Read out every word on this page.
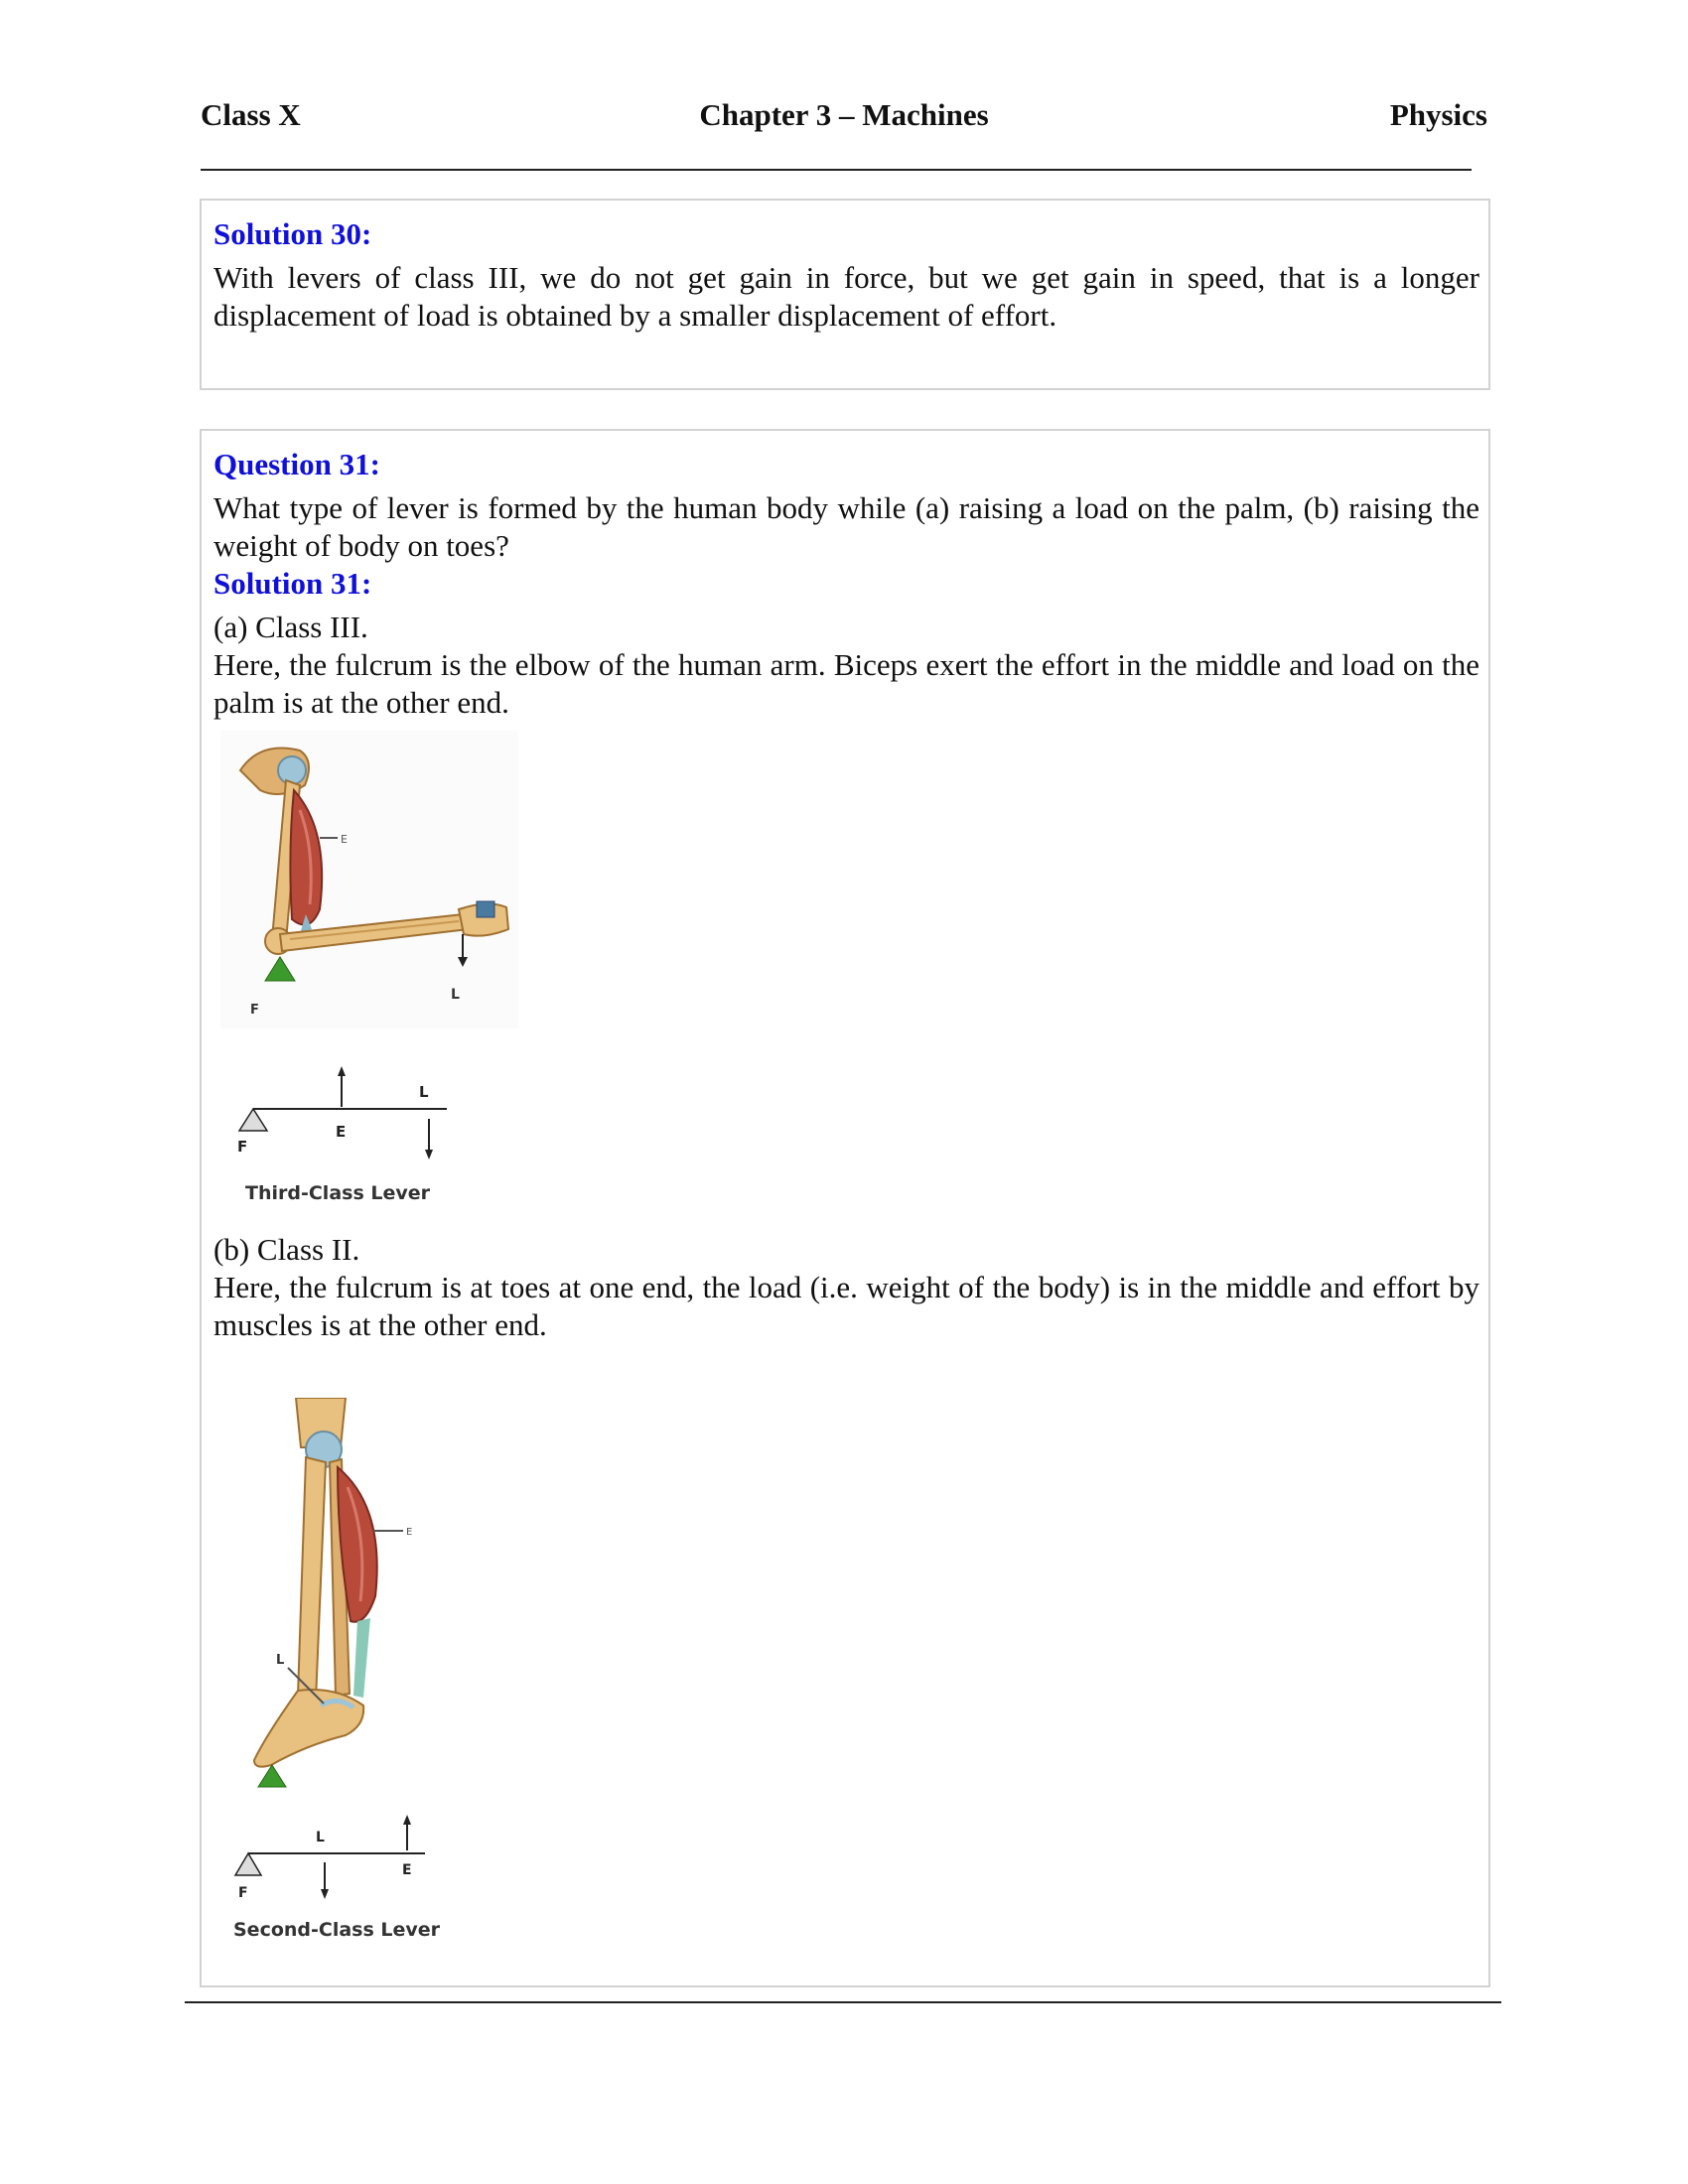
Class X	Chapter 3 – Machines	Physics

Solution 30:

With levers of class III, we do not get gain in force, but we get gain in speed, that is a longer displacement of load is obtained by a smaller displacement of effort.

Question 31:

What type of lever is formed by the human body while (a) raising a load on the palm, (b) raising the weight of body on toes?

Solution 31:

(a) Class III.

Here, the fulcrum is the elbow of the human arm. Biceps exert the effort in the middle and load on the palm is at the other end.

E
L
F
F
E
L
Third-Class Lever

(b) Class II.

Here, the fulcrum is at toes at one end, the load (i.e. weight of the body) is in the middle and effort by muscles is at the other end.

E
L
F
L
E
Second-Class Lever
